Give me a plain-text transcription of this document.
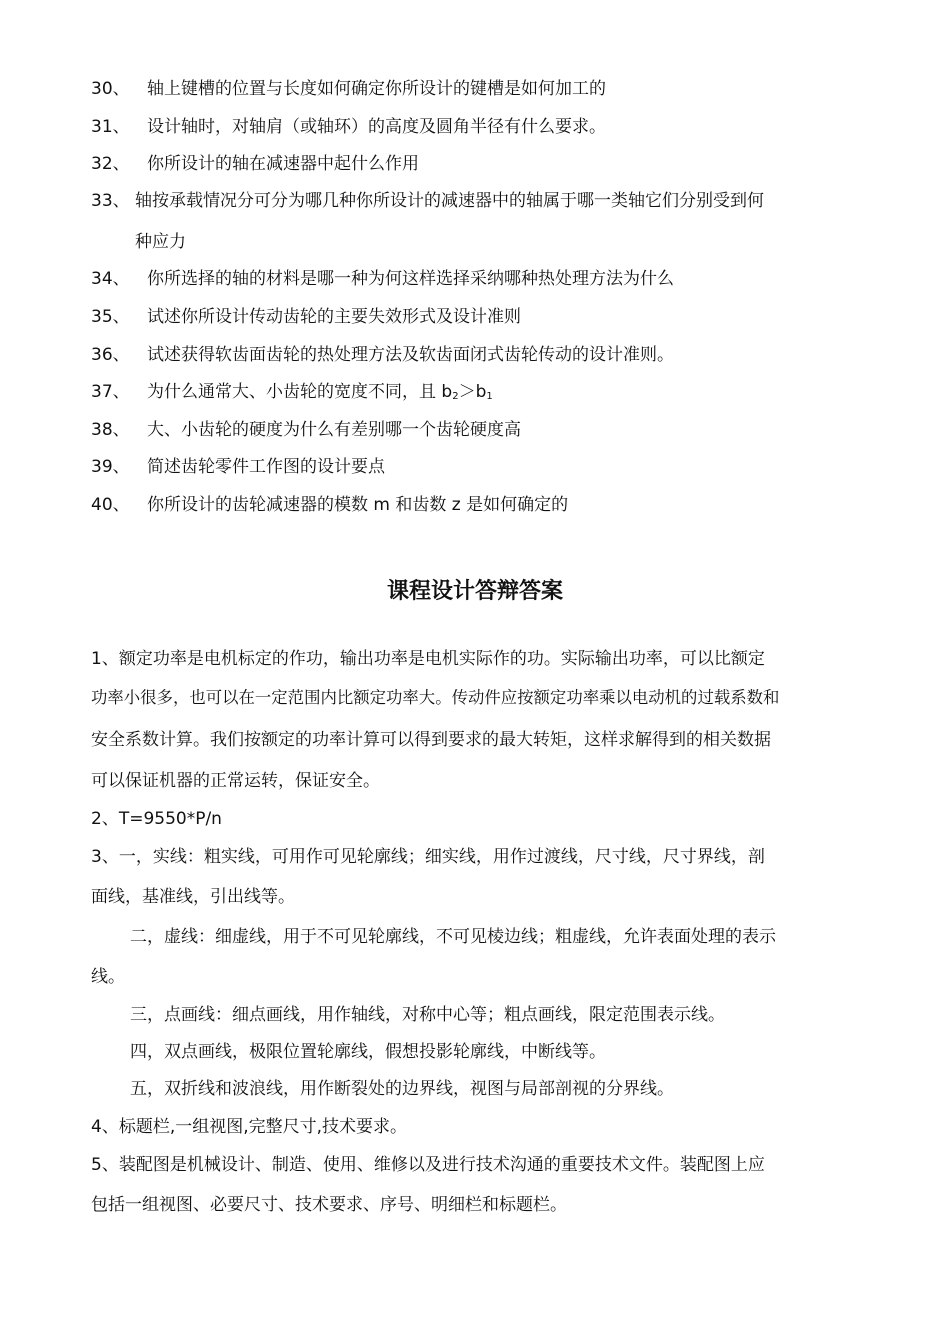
30、 轴上键槽的位置与长度如何确定你所设计的键槽是如何加工的
31、 设计轴时，对轴肩（或轴环）的高度及圆角半径有什么要求。
32、 你所设计的轴在减速器中起什么作用
33、 轴按承载情况分可分为哪几种你所设计的减速器中的轴属于哪一类轴它们分别受到何
种应力
34、 你所选择的轴的材料是哪一种为何这样选择采纳哪种热处理方法为什么
35、 试述你所设计传动齿轮的主要失效形式及设计准则
36、 试述获得软齿面齿轮的热处理方法及软齿面闭式齿轮传动的设计准则。
37、 为什么通常大、小齿轮的宽度不同，且 $b_2>b_1$
38、 大、小齿轮的硬度为什么有差别哪一个齿轮硬度高
39、 简述齿轮零件工作图的设计要点
40、 你所设计的齿轮减速器的模数 m 和齿数 z 是如何确定的
课程设计答辩答案
1、额定功率是电机标定的作功，输出功率是电机实际作的功。实际输出功率，可以比额定
功率小很多，也可以在一定范围内比额定功率大。传动件应按额定功率乘以电动机的过载系数和
安全系数计算。我们按额定的功率计算可以得到要求的最大转矩，这样求解得到的相关数据
可以保证机器的正常运转，保证安全。
2、T=9550*P/n
3、一，实线：粗实线，可用作可见轮廓线；细实线，用作过渡线，尺寸线，尺寸界线，剖
面线，基准线，引出线等。
二，虚线：细虚线，用于不可见轮廓线，不可见棱边线；粗虚线，允许表面处理的表示
线。
三，点画线：细点画线，用作轴线，对称中心等；粗点画线，限定范围表示线。
四，双点画线，极限位置轮廓线，假想投影轮廓线，中断线等。
五，双折线和波浪线，用作断裂处的边界线，视图与局部剖视的分界线。
4、标题栏,一组视图,完整尺寸,技术要求。
5、装配图是机械设计、制造、使用、维修以及进行技术沟通的重要技术文件。装配图上应
包括一组视图、必要尺寸、技术要求、序号、明细栏和标题栏。
